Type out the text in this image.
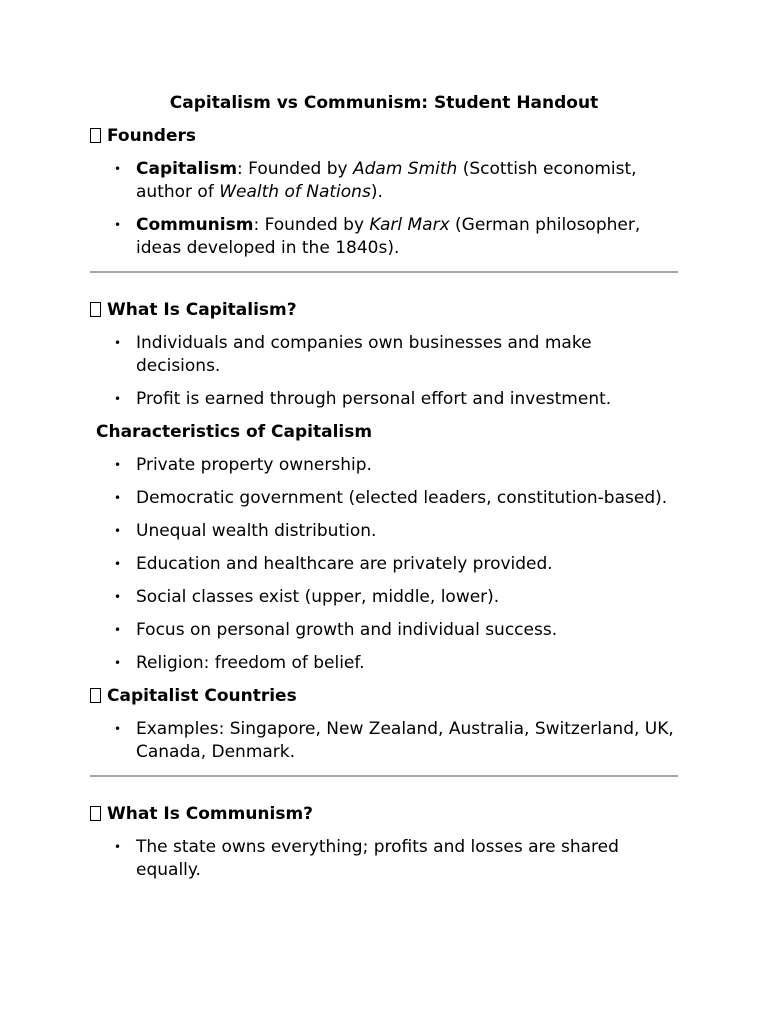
Capitalism vs Communism: Student Handout
Founders
• Capitalism: Founded by Adam Smith (Scottish economist, author of Wealth of Nations).
• Communism: Founded by Karl Marx (German philosopher, ideas developed in the 1840s).
What Is Capitalism?
• Individuals and companies own businesses and make decisions.
• Profit is earned through personal effort and investment.
Characteristics of Capitalism
• Private property ownership.
• Democratic government (elected leaders, constitution-based).
• Unequal wealth distribution.
• Education and healthcare are privately provided.
• Social classes exist (upper, middle, lower).
• Focus on personal growth and individual success.
• Religion: freedom of belief.
Capitalist Countries
• Examples: Singapore, New Zealand, Australia, Switzerland, UK, Canada, Denmark.
What Is Communism?
• The state owns everything; profits and losses are shared equally.
